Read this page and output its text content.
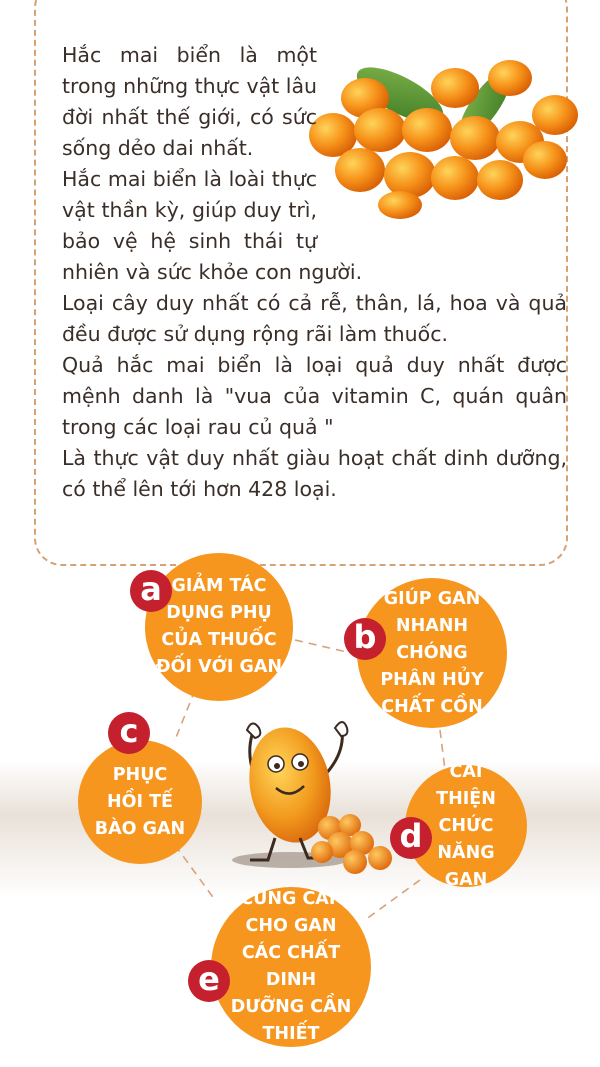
Hắc mai biển là một trong những thực vật lâu đời nhất thế giới, có sức sống dẻo dai nhất.

Hắc mai biển là loài thực vật thần kỳ, giúp duy trì, bảo vệ hệ sinh thái tự nhiên và sức khỏe con người.

Loại cây duy nhất có cả rễ, thân, lá, hoa và quả đều được sử dụng rộng rãi làm thuốc.

Quả hắc mai biển là loại quả duy nhất được mệnh danh là "vua của vitamin C, quán quân trong các loại rau củ quả "

Là thực vật duy nhất giàu hoạt chất dinh dưỡng, có thể lên tới hơn 428 loại.

GIẢM TÁC DỤNG PHỤ CỦA THUỐC ĐỐI VỚI GAN
a	GIÚP GAN NHANH CHÓNG PHÂN HỦY CHẤT CỒN
b
PHỤC HỒI TẾ BÀO GAN
c
CẢI THIỆN CHỨC NĂNG GAN
d
CUNG CẤP CHO GAN CÁC CHẤT DINH DƯỠNG CẦN THIẾT
e
